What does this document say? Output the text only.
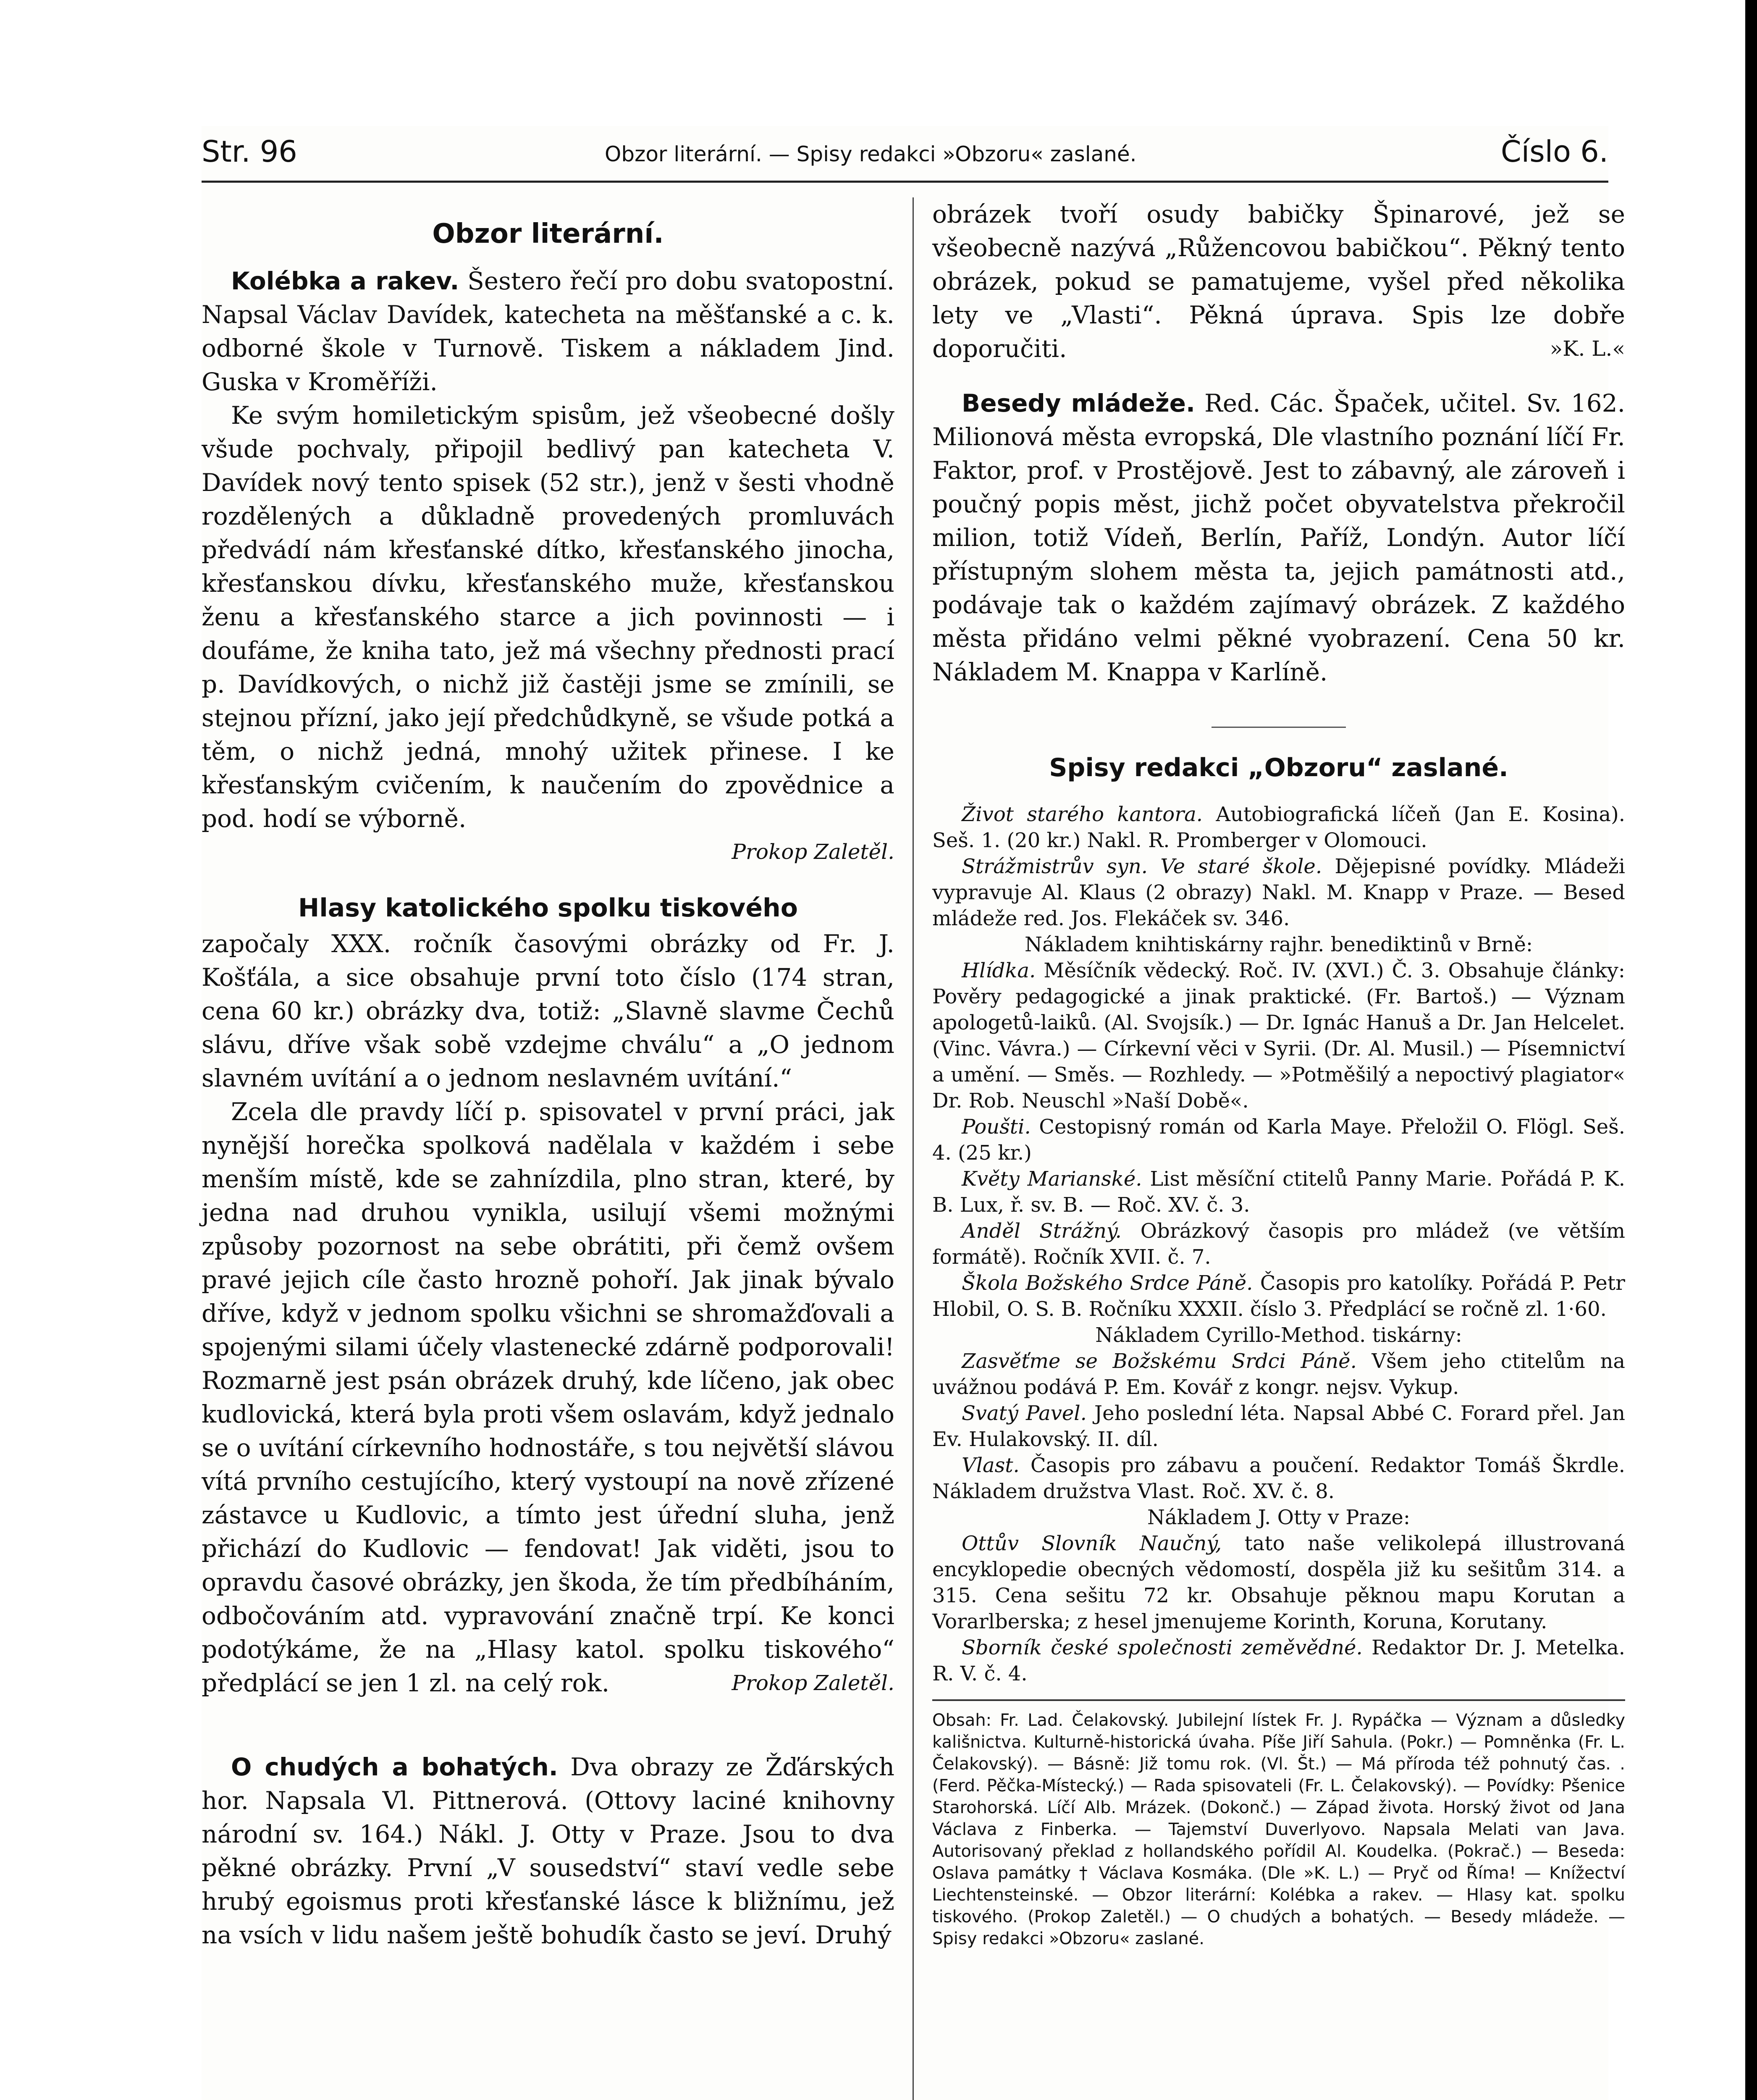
Str. 96	Obzor literární. — Spisy redakci »Obzoru« zaslané.	Číslo 6.
Obzor literární.

Kolébka a rakev. Šestero řečí pro dobu svatopostní. Napsal Václav Davídek, katecheta na měšťanské a c. k. odborné škole v Turnově. Tiskem a nákladem Jind. Guska v Kroměříži.

Ke svým homiletickým spisům, jež všeobecné došly všude pochvaly, připojil bedlivý pan katecheta V. Davídek nový tento spisek (52 str.), jenž v šesti vhodně rozdělených a důkladně provedených promluvách předvádí nám křesťanské dítko, křesťanského jinocha, křesťanskou dívku, křesťanského muže, křesťanskou ženu a křesťanského starce a jich povinnosti — i doufáme, že kniha tato, jež má všechny přednosti prací p. Davídkových, o nichž již častěji jsme se zmínili, se stejnou přízní, jako její předchůdkyně, se všude potká a těm, o nichž jedná, mnohý užitek přinese. I ke křesťanským cvičením, k naučením do zpovědnice a pod. hodí se výborně.

Prokop Zaletěl.
Hlasy katolického spolku tiskového

započaly XXX. ročník časovými obrázky od Fr. J. Košťála, a sice obsahuje první toto číslo (174 stran, cena 60 kr.) obrázky dva, totiž: „Slavně slavme Čechů slávu, dříve však sobě vzdejme chválu“ a „O jednom slavném uvítání a o jednom neslavném uvítání.“

Zcela dle pravdy líčí p. spisovatel v první práci, jak nynější horečka spolková nadělala v každém i sebe menším místě, kde se zahnízdila, plno stran, které, by jedna nad druhou vynikla, usilují všemi možnými způsoby pozornost na sebe obrátiti, při čemž ovšem pravé jejich cíle často hrozně pohoří. Jak jinak bývalo dříve, když v jednom spolku všichni se shromažďovali a spojenými silami účely vlastenecké zdárně podporovali! Rozmarně jest psán obrázek druhý, kde líčeno, jak obec kudlovická, která byla proti všem oslavám, když jednalo se o uvítání církevního hodnostáře, s tou největší slávou vítá prvního cestujícího, který vystoupí na nově zřízené zástavce u Kudlovic, a tímto jest úřední sluha, jenž přichází do Kudlovic — fendovat! Jak viděti, jsou to opravdu časové obrázky, jen škoda, že tím předbíháním, odbočováním atd. vypravování značně trpí. Ke konci podotýkáme, že na „Hlasy katol. spolku tiskového“ předplácí se jen 1 zl. na celý rok.	Prokop Zaletěl.

O chudých a bohatých. Dva obrazy ze Žďárských hor. Napsala Vl. Pittnerová. (Ottovy laciné knihovny národní sv. 164.) Nákl. J. Otty v Praze. Jsou to dva pěkné obrázky. První „V sousedství“ staví vedle sebe hrubý egoismus proti křesťanské lásce k bližnímu, jež na vsích v lidu našem ještě bohudík často se jeví. Druhý

obrázek tvoří osudy babičky Špinarové, jež se všeobecně nazývá „Růžencovou babičkou“. Pěkný tento obrázek, pokud se pamatujeme, vyšel před několika lety ve „Vlasti“. Pěkná úprava. Spis lze dobře doporučiti.	»K. L.«

Besedy mládeže. Red. Các. Špaček, učitel. Sv. 162. Milionová města evropská, Dle vlastního poznání líčí Fr. Faktor, prof. v Prostějově. Jest to zábavný, ale zároveň i poučný popis měst, jichž počet obyvatelstva překročil milion, totiž Vídeň, Berlín, Paříž, Londýn. Autor líčí přístupným slohem města ta, jejich památnosti atd., podávaje tak o každém zajímavý obrázek. Z každého města přidáno velmi pěkné vyobrazení. Cena 50 kr. Nákladem M. Knappa v Karlíně.

Spisy redakci „Obzoru“ zaslané.

Život starého kantora. Autobiografická líčeň (Jan E. Kosina). Seš. 1. (20 kr.) Nakl. R. Promberger v Olomouci.

Strážmistrův syn. Ve staré škole. Dějepisné povídky. Mládeži vypravuje Al. Klaus (2 obrazy) Nakl. M. Knapp v Praze. — Besed mládeže red. Jos. Flekáček sv. 346.

Nákladem knihtiskárny rajhr. benediktinů v Brně:

Hlídka. Měsíčník vědecký. Roč. IV. (XVI.) Č. 3. Obsahuje články: Pověry pedagogické a jinak praktické. (Fr. Bartoš.) — Význam apologetů-laiků. (Al. Svojsík.) — Dr. Ignác Hanuš a Dr. Jan Helcelet. (Vinc. Vávra.) — Církevní věci v Syrii. (Dr. Al. Musil.) — Písemnictví a umění. — Směs. — Rozhledy. — »Potměšilý a nepoctivý plagiator« Dr. Rob. Neuschl »Naší Době«.

Poušti. Cestopisný román od Karla Maye. Přeložil O. Flögl. Seš. 4. (25 kr.)

Květy Marianské. List měsíční ctitelů Panny Marie. Pořádá P. K. B. Lux, ř. sv. B. — Roč. XV. č. 3.

Anděl Strážný. Obrázkový časopis pro mládež (ve větším formátě). Ročník XVII. č. 7.

Škola Božského Srdce Páně. Časopis pro katolíky. Pořádá P. Petr Hlobil, O. S. B. Ročníku XXXII. číslo 3. Předplácí se ročně zl. 1·60.

Nákladem Cyrillo-Method. tiskárny:

Zasvěťme se Božskému Srdci Páně. Všem jeho ctitelům na uvážnou podává P. Em. Kovář z kongr. nejsv. Vykup.

Svatý Pavel. Jeho poslední léta. Napsal Abbé C. Forard přel. Jan Ev. Hulakovský. II. díl.

Vlast. Časopis pro zábavu a poučení. Redaktor Tomáš Škrdle. Nákladem družstva Vlast. Roč. XV. č. 8.

Nákladem J. Otty v Praze:

Ottův Slovník Naučný, tato naše velikolepá illustrovaná encyklopedie obecných vědomostí, dospěla již ku sešitům 314. a 315. Cena sešitu 72 kr. Obsahuje pěknou mapu Korutan a Vorarlberska; z hesel jmenujeme Korinth, Koruna, Korutany.

Sborník české společnosti zeměvědné. Redaktor Dr. J. Metelka. R. V. č. 4.

Obsah: Fr. Lad. Čelakovský. Jubilejní lístek Fr. J. Rypáčka — Význam a důsledky kališnictva. Kulturně-historická úvaha. Píše Jiří Sahula. (Pokr.) — Pomněnka (Fr. L. Čelakovský). — Básně: Již tomu rok. (Vl. Št.) — Má příroda též pohnutý čas. . (Ferd. Pěčka-Místecký.) — Rada spisovateli (Fr. L. Čelakovský). — Povídky: Pšenice Starohorská. Líčí Alb. Mrázek. (Dokonč.) — Západ života. Horský život od Jana Václava z Finberka. — Tajemství Duverlyovo. Napsala Melati van Java. Autorisovaný překlad z hollandského pořídil Al. Koudelka. (Pokrač.) — Beseda: Oslava památky † Václava Kosmáka. (Dle »K. L.) — Pryč od Říma! — Knížectví Liechtensteinské. — Obzor literární: Kolébka a rakev. — Hlasy kat. spolku tiskového. (Prokop Zaletěl.) — O chudých a bohatých. — Besedy mládeže. — Spisy redakci »Obzoru« zaslané.
